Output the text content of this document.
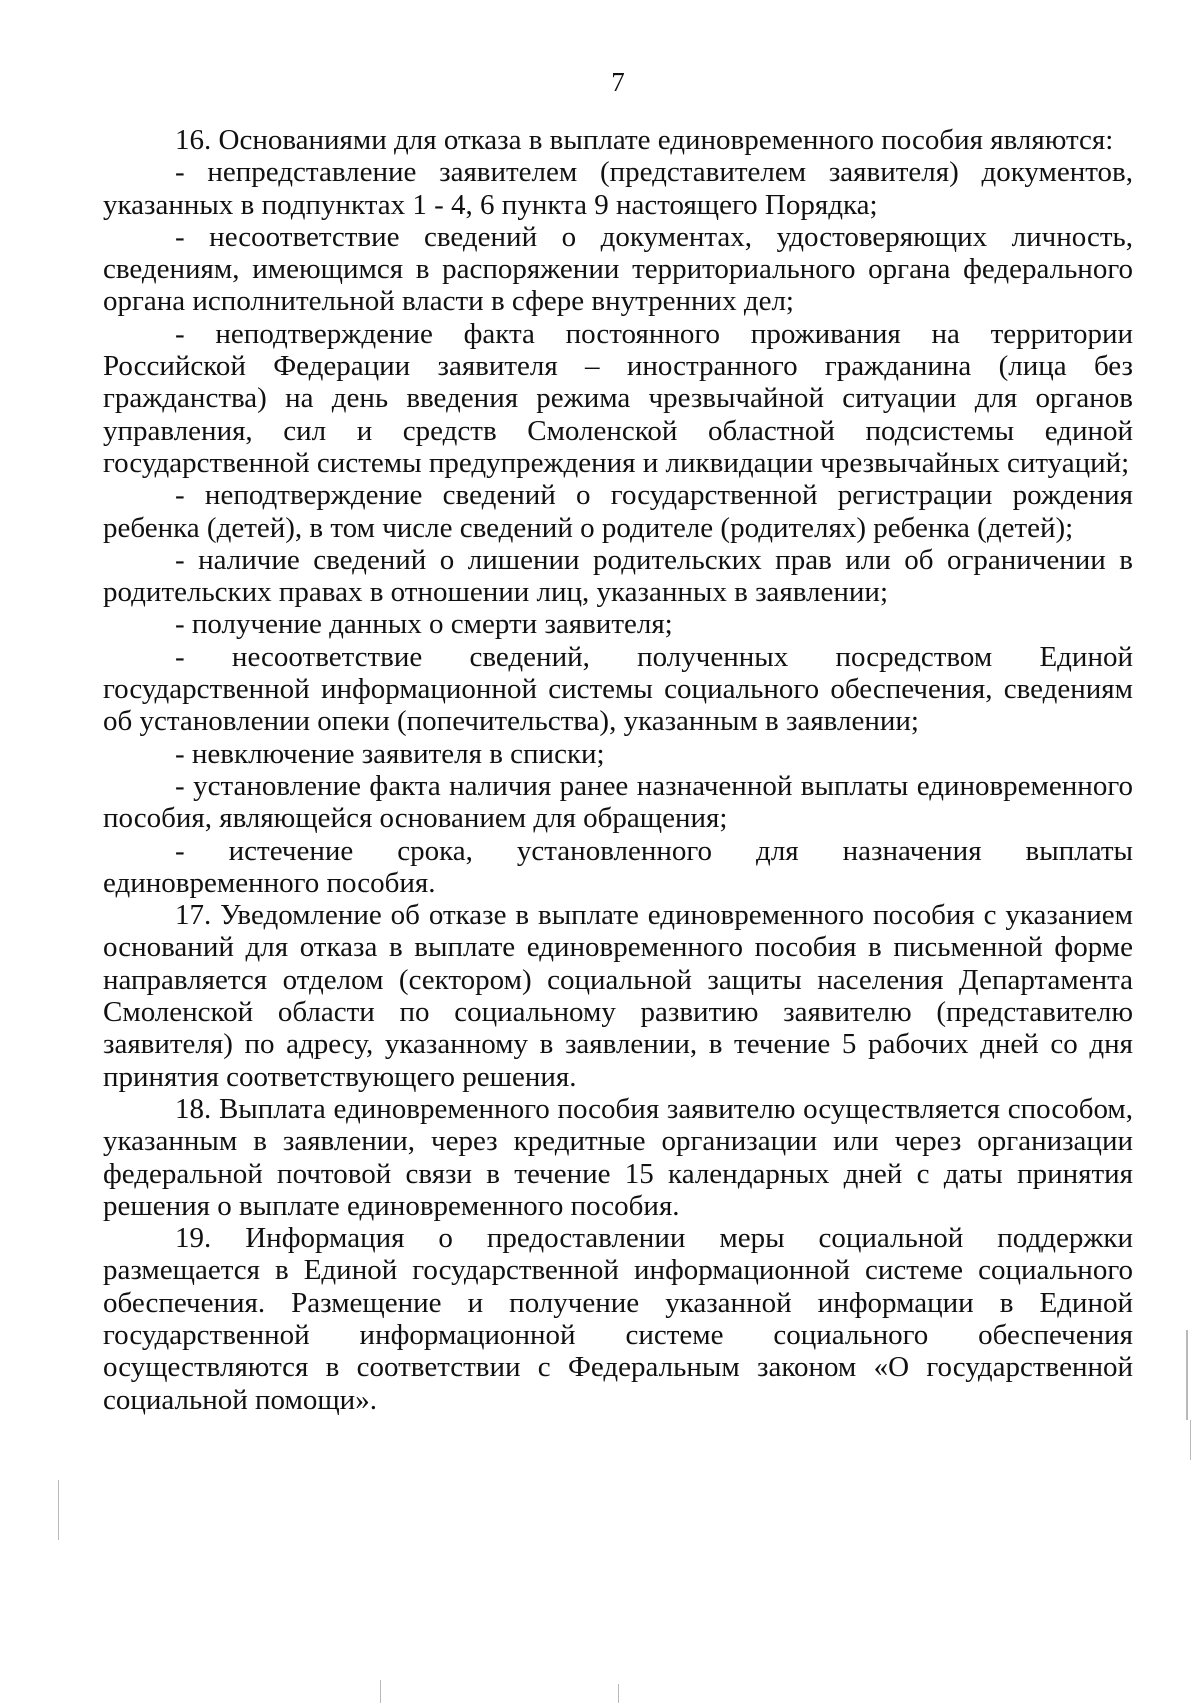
7

16. Основаниями для отказа в выплате единовременного пособия являются:

- непредставление заявителем (представителем заявителя) документов, указанных в подпунктах 1 - 4, 6 пункта 9 настоящего Порядка;

- несоответствие сведений о документах, удостоверяющих личность, сведениям, имеющимся в распоряжении территориального органа федерального органа исполнительной власти в сфере внутренних дел;

- неподтверждение факта постоянного проживания на территории Российской Федерации заявителя – иностранного гражданина (лица без гражданства) на день введения режима чрезвычайной ситуации для органов управления, сил и средств Смоленской областной подсистемы единой государственной системы предупреждения и ликвидации чрезвычайных ситуаций;

- неподтверждение сведений о государственной регистрации рождения ребенка (детей), в том числе сведений о родителе (родителях) ребенка (детей);

- наличие сведений о лишении родительских прав или об ограничении в родительских правах в отношении лиц, указанных в заявлении;

- получение данных о смерти заявителя;

- несоответствие сведений, полученных посредством Единой государственной информационной системы социального обеспечения, сведениям об установлении опеки (попечительства), указанным в заявлении;

- невключение заявителя в списки;

- установление факта наличия ранее назначенной выплаты единовременного пособия, являющейся основанием для обращения;

- истечение срока, установленного для назначения выплаты единовременного пособия.

17. Уведомление об отказе в выплате единовременного пособия с указанием оснований для отказа в выплате единовременного пособия в письменной форме направляется отделом (сектором) социальной защиты населения Департамента Смоленской области по социальному развитию заявителю (представителю заявителя) по адресу, указанному в заявлении, в течение 5 рабочих дней со дня принятия соответствующего решения.

18. Выплата единовременного пособия заявителю осуществляется способом, указанным в заявлении, через кредитные организации или через организации федеральной почтовой связи в течение 15 календарных дней с даты принятия решения о выплате единовременного пособия.

19. Информация о предоставлении меры социальной поддержки размещается в Единой государственной информационной системе социального обеспечения. Размещение и получение указанной информации в Единой государственной информационной системе социального обеспечения осуществляются в соответствии с Федеральным законом «О государственной социальной помощи».
